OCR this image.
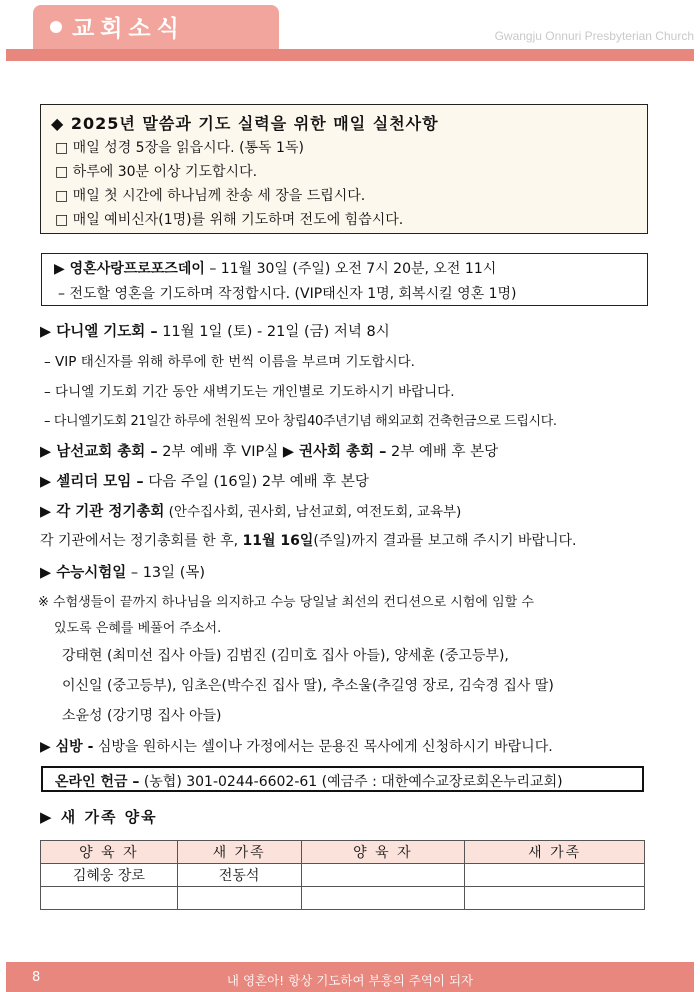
교회소식	Gwangju Onnuri Presbyterian Church
◆ 2025년 말씀과 기도 실력을 위한 매일 실천사항
□ 매일 성경 5장을 읽읍시다. (통독 1독)
□ 하루에 30분 이상 기도합시다.
□ 매일 첫 시간에 하나님께 찬송 세 장을 드립시다.
□ 매일 예비신자(1명)를 위해 기도하며 전도에 힘씁시다.
▶ 영혼사랑프로포즈데이 – 11월 30일 (주일) 오전 7시 20분, 오전 11시
– 전도할 영혼을 기도하며 작정합시다. (VIP태신자 1명, 회복시킬 영혼 1명)
▶ 다니엘 기도회 – 11월 1일 (토) - 21일 (금) 저녁 8시
– VIP 태신자를 위해 하루에 한 번씩 이름을 부르며 기도합시다.
– 다니엘 기도회 기간 동안 새벽기도는 개인별로 기도하시기 바랍니다.
– 다니엘기도회 21일간 하루에 천원씩 모아 창립40주년기념 해외교회 건축헌금으로 드립시다.
▶ 남선교회 총회 – 2부 예배 후 VIP실 ▶ 권사회 총회 – 2부 예배 후 본당
▶ 셀리더 모임 – 다음 주일 (16일) 2부 예배 후 본당
▶ 각 기관 정기총회 (안수집사회, 권사회, 남선교회, 여전도회, 교육부)
각 기관에서는 정기총회를 한 후, 11월 16일(주일)까지 결과를 보고해 주시기 바랍니다.
▶ 수능시험일 – 13일 (목)
※ 수험생들이 끝까지 하나님을 의지하고 수능 당일날 최선의 컨디션으로 시험에 임할 수
있도록 은혜를 베풀어 주소서.
강태현 (최미선 집사 아들) 김범진 (김미호 집사 아들), 양세훈 (중고등부),
이신일 (중고등부), 임초은(박수진 집사 딸), 추소울(추길영 장로, 김숙경 집사 딸)
소윤성 (강기명 집사 아들)
▶ 심방 - 심방을 원하시는 셀이나 가정에서는 문용진 목사에게 신청하시기 바랍니다.
온라인 헌금 – (농협) 301-0244-6602-61 (예금주 : 대한예수교장로회온누리교회)
▶ 새 가족 양육
양 육 자	새 가족	양 육 자	새 가족
김혜웅 장로	전동석		

8	내 영혼아! 항상 기도하여 부흥의 주역이 되자
